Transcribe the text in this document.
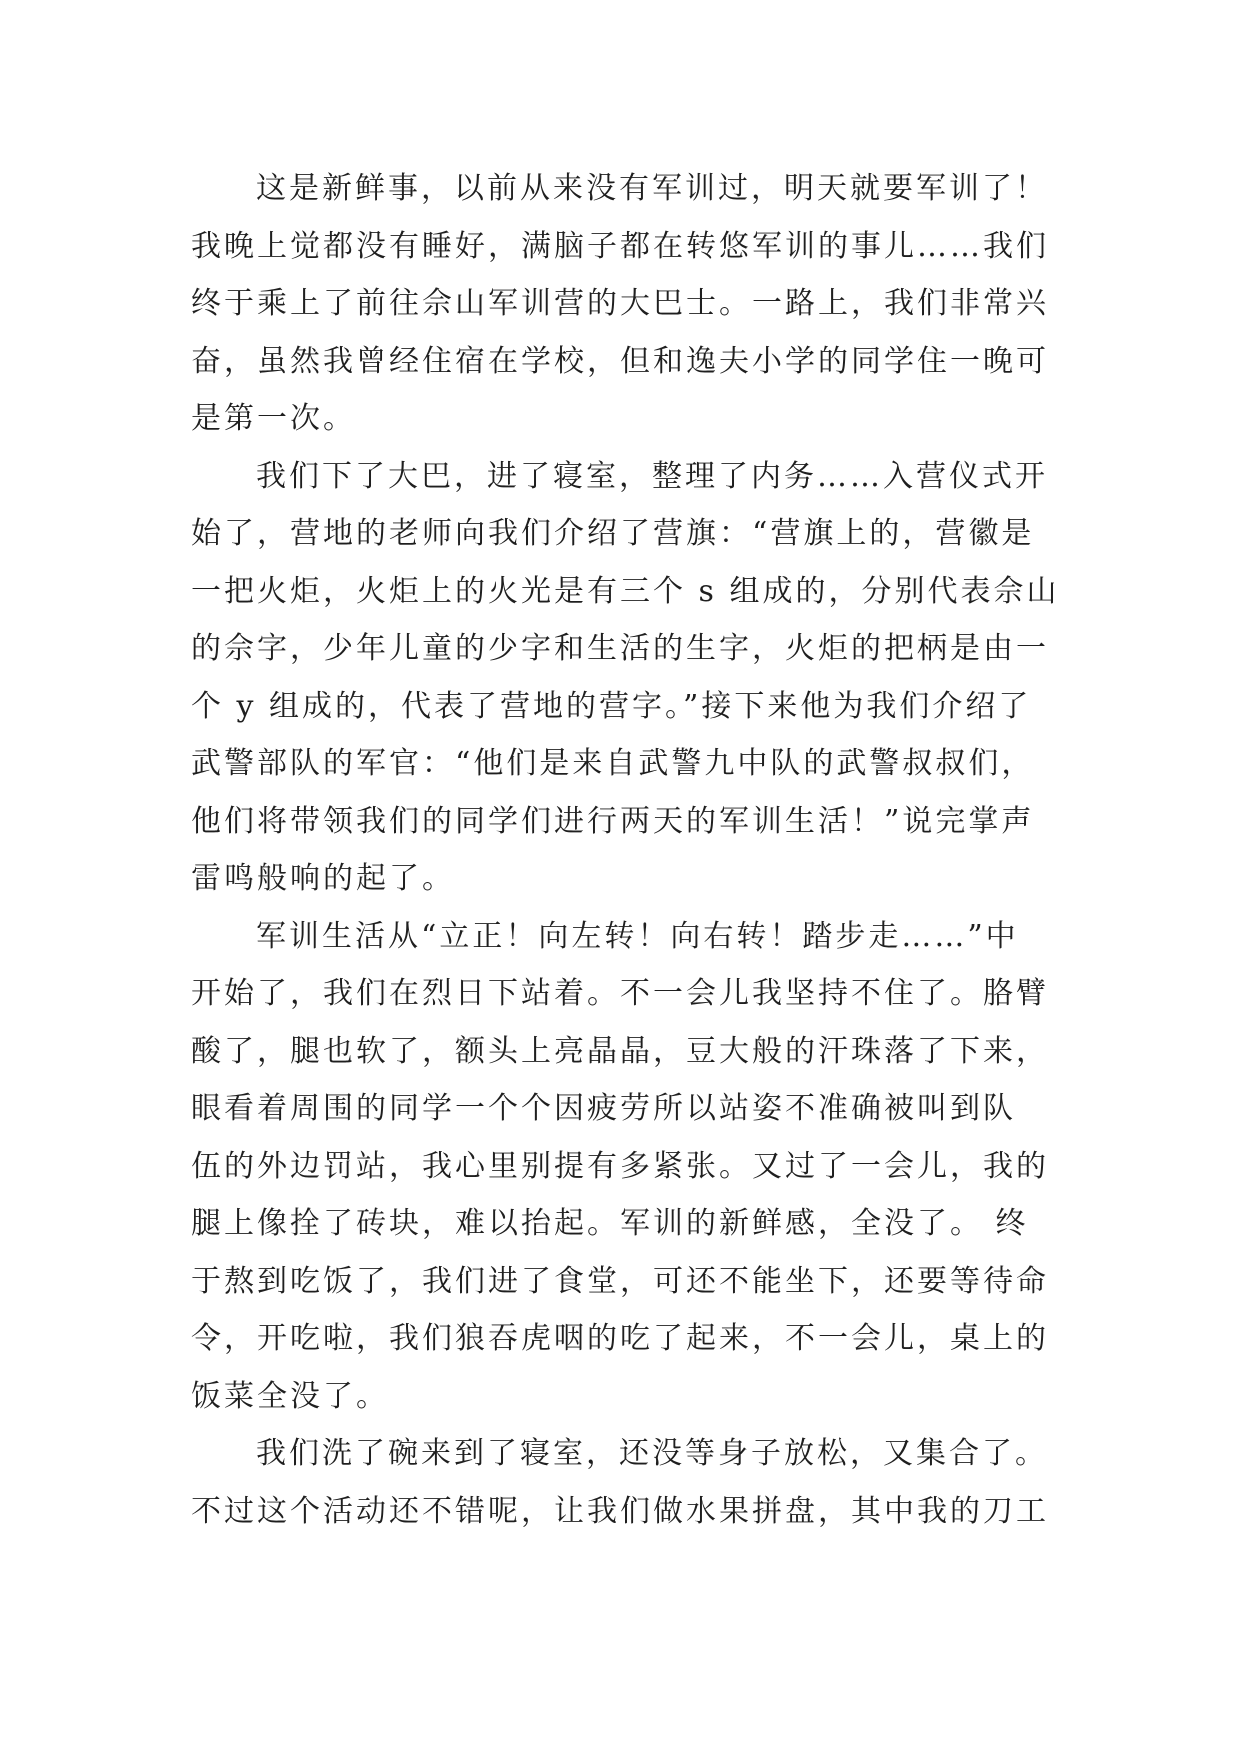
这是新鲜事，以前从来没有军训过，明天就要军训了！
我晚上觉都没有睡好，满脑子都在转悠军训的事儿……我们
终于乘上了前往佘山军训营的大巴士。一路上，我们非常兴
奋，虽然我曾经住宿在学校，但和逸夫小学的同学住一晚可
是第一次。
我们下了大巴，进了寝室，整理了内务……入营仪式开
始了，营地的老师向我们介绍了营旗：“营旗上的，营徽是
一把火炬，火炬上的火光是有三个 s 组成的，分别代表佘山
的佘字，少年儿童的少字和生活的生字，火炬的把柄是由一
个 y 组成的，代表了营地的营字。”接下来他为我们介绍了
武警部队的军官：“他们是来自武警九中队的武警叔叔们，
他们将带领我们的同学们进行两天的军训生活！”说完掌声
雷鸣般响的起了。
军训生活从“立正！向左转！向右转！踏步走……”中
开始了，我们在烈日下站着。不一会儿我坚持不住了。胳臂
酸了，腿也软了，额头上亮晶晶，豆大般的汗珠落了下来，
眼看着周围的同学一个个因疲劳所以站姿不准确被叫到队
伍的外边罚站，我心里别提有多紧张。又过了一会儿，我的
腿上像拴了砖块，难以抬起。军训的新鲜感，全没了。 终
于熬到吃饭了，我们进了食堂，可还不能坐下，还要等待命
令，开吃啦，我们狼吞虎咽的吃了起来，不一会儿，桌上的
饭菜全没了。
我们洗了碗来到了寝室，还没等身子放松，又集合了。
不过这个活动还不错呢，让我们做水果拼盘，其中我的刀工
